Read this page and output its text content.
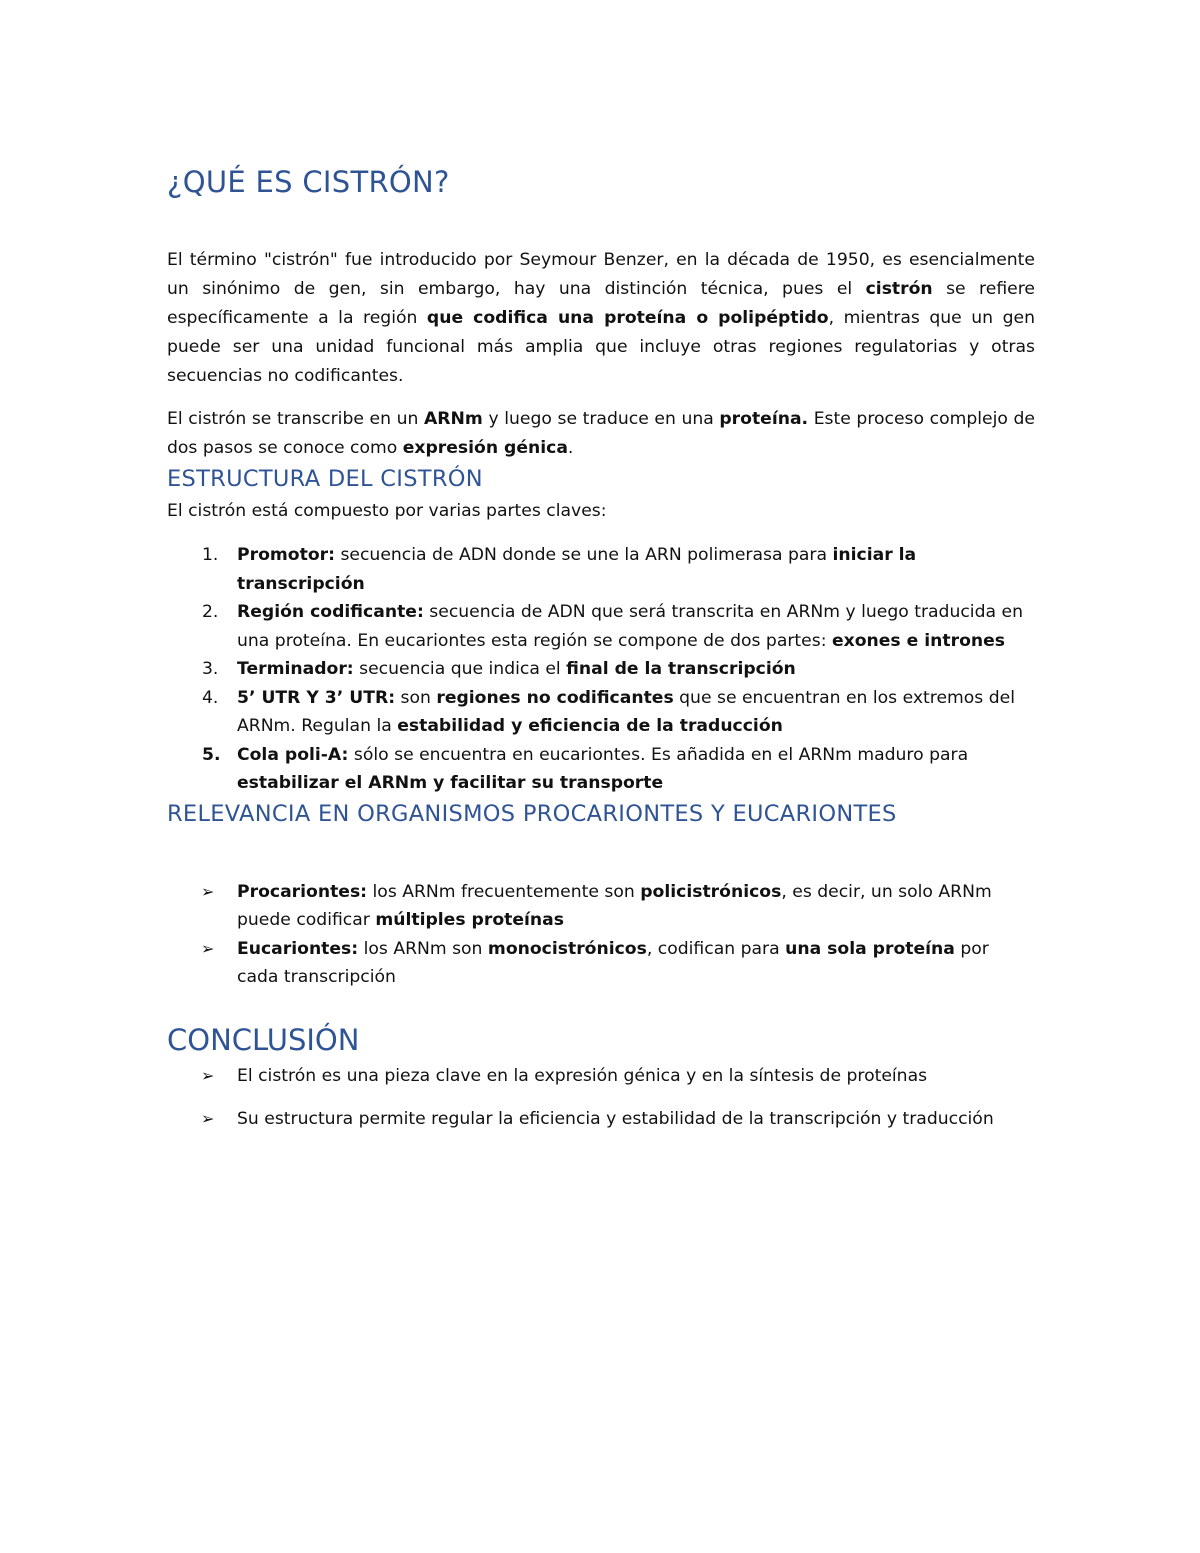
¿QUÉ ES CISTRÓN?

El término "cistrón" fue introducido por Seymour Benzer, en la década de 1950, es esencialmente un sinónimo de gen, sin embargo, hay una distinción técnica, pues el cistrón se refiere específicamente a la región que codifica una proteína o polipéptido, mientras que un gen puede ser una unidad funcional más amplia que incluye otras regiones regulatorias y otras secuencias no codificantes.

El cistrón se transcribe en un ARNm y luego se traduce en una proteína. Este proceso complejo de dos pasos se conoce como expresión génica.

ESTRUCTURA DEL CISTRÓN

El cistrón está compuesto por varias partes claves:

1. Promotor: secuencia de ADN donde se une la ARN polimerasa para iniciar la transcripción
2. Región codificante: secuencia de ADN que será transcrita en ARNm y luego traducida en una proteína. En eucariontes esta región se compone de dos partes: exones e intrones
3. Terminador: secuencia que indica el final de la transcripción
4. 5’ UTR Y 3’ UTR: son regiones no codificantes que se encuentran en los extremos del ARNm. Regulan la estabilidad y eficiencia de la traducción
5. Cola poli-A: sólo se encuentra en eucariontes. Es añadida en el ARNm maduro para estabilizar el ARNm y facilitar su transporte
RELEVANCIA EN ORGANISMOS PROCARIONTES Y EUCARIONTES
➢ Procariontes: los ARNm frecuentemente son policistrónicos, es decir, un solo ARNm puede codificar múltiples proteínas
➢ Eucariontes: los ARNm son monocistrónicos, codifican para una sola proteína por cada transcripción
CONCLUSIÓN
➢ El cistrón es una pieza clave en la expresión génica y en la síntesis de proteínas
➢ Su estructura permite regular la eficiencia y estabilidad de la transcripción y traducción
